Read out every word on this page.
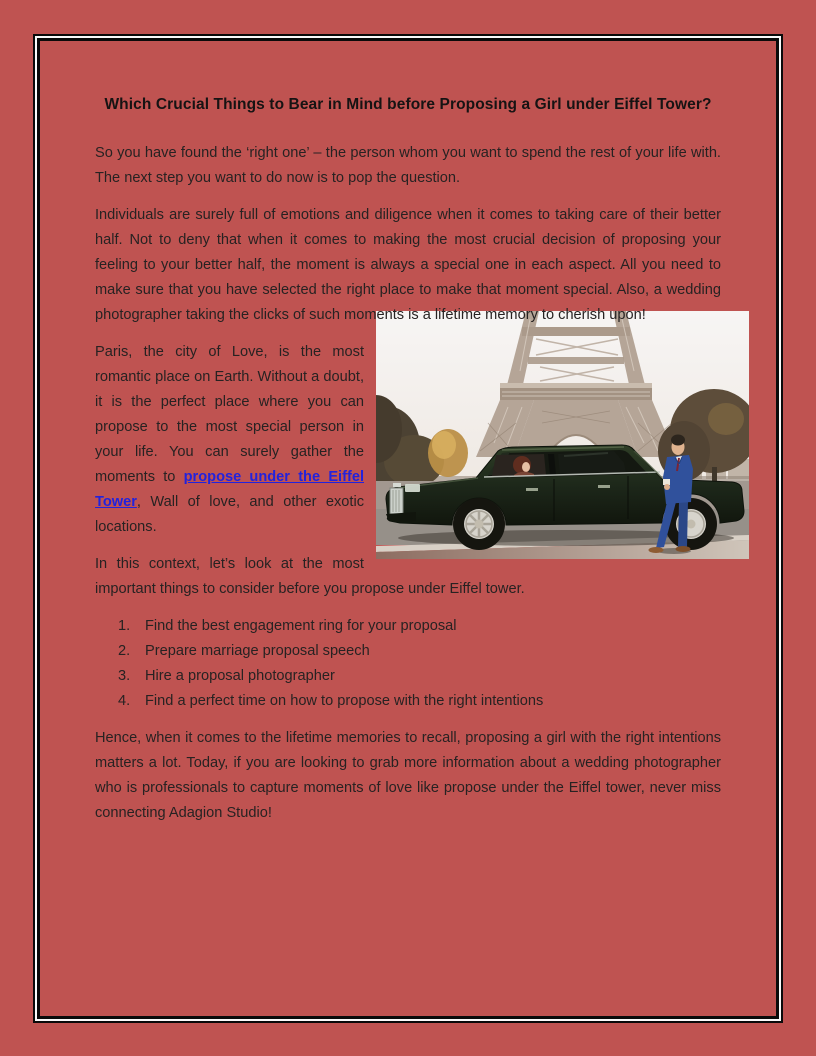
Which Crucial Things to Bear in Mind before Proposing a Girl under Eiffel Tower?

So you have found the ‘right one’ – the person whom you want to spend the rest of your life with. The next step you want to do now is to pop the question.

Individuals are surely full of emotions and diligence when it comes to taking care of their better half. Not to deny that when it comes to making the most crucial decision of proposing your feeling to your better half, the moment is always a special one in each aspect. All you need to make sure that you have selected the right place to make that moment special. Also, a wedding photographer taking the clicks of such moments is a lifetime memory to cherish upon!

Paris, the city of Love, is the most romantic place on Earth. Without a doubt, it is the perfect place where you can propose to the most special person in your life. You can surely gather the moments to propose under the Eiffel Tower, Wall of love, and other exotic locations.

In this context, let’s look at the most important things to consider before you propose under Eiffel tower.

1.	Find the best engagement ring for your proposal
2.	Prepare marriage proposal speech
3.	Hire a proposal photographer
4.	Find a perfect time on how to propose with the right intentions

Hence, when it comes to the lifetime memories to recall, proposing a girl with the right intentions matters a lot. Today, if you are looking to grab more information about a wedding photographer who is professionals to capture moments of love like propose under the Eiffel tower, never miss connecting Adagion Studio!
